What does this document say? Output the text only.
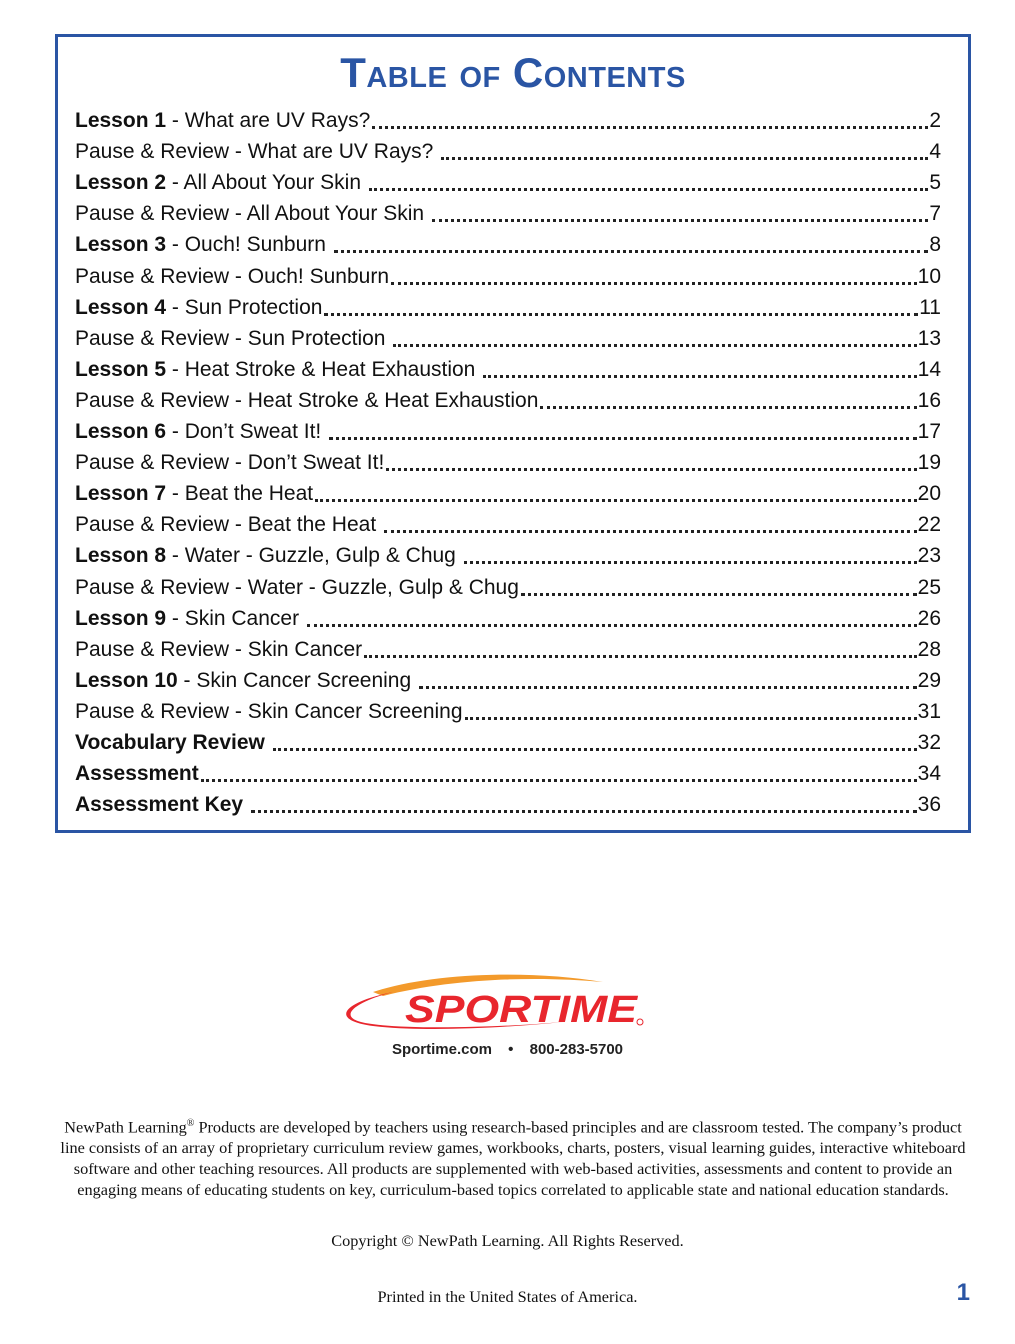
Table of Contents
Lesson 1 - What are UV Rays?	2
Pause & Review - What are UV Rays?	4
Lesson 2 - All About Your Skin	5
Pause & Review - All About Your Skin	7
Lesson 3 - Ouch! Sunburn	8
Pause & Review - Ouch! Sunburn	10
Lesson 4 - Sun Protection	11
Pause & Review - Sun Protection	13
Lesson 5 - Heat Stroke & Heat Exhaustion	14
Pause & Review - Heat Stroke & Heat Exhaustion	16
Lesson 6 - Don’t Sweat It!	17
Pause & Review - Don’t Sweat It!	19
Lesson 7 - Beat the Heat	20
Pause & Review - Beat the Heat	22
Lesson 8 - Water - Guzzle, Gulp & Chug	23
Pause & Review - Water - Guzzle, Gulp & Chug	25
Lesson 9 - Skin Cancer	26
Pause & Review - Skin Cancer	28
Lesson 10 - Skin Cancer Screening	29
Pause & Review - Skin Cancer Screening	31
Vocabulary Review	32
Assessment	34
Assessment Key	36
SPORTIME
Sportime.com • 800-283-5700
NewPath Learning® Products are developed by teachers using research-based principles and are classroom tested. The company’s product line consists of an array of proprietary curriculum review games, workbooks, charts, posters, visual learning guides, interactive whiteboard software and other teaching resources. All products are supplemented with web-based activities, assessments and content to provide an engaging means of educating students on key, curriculum-based topics correlated to applicable state and national education standards.
Copyright © NewPath Learning. All Rights Reserved.
Printed in the United States of America.	1
